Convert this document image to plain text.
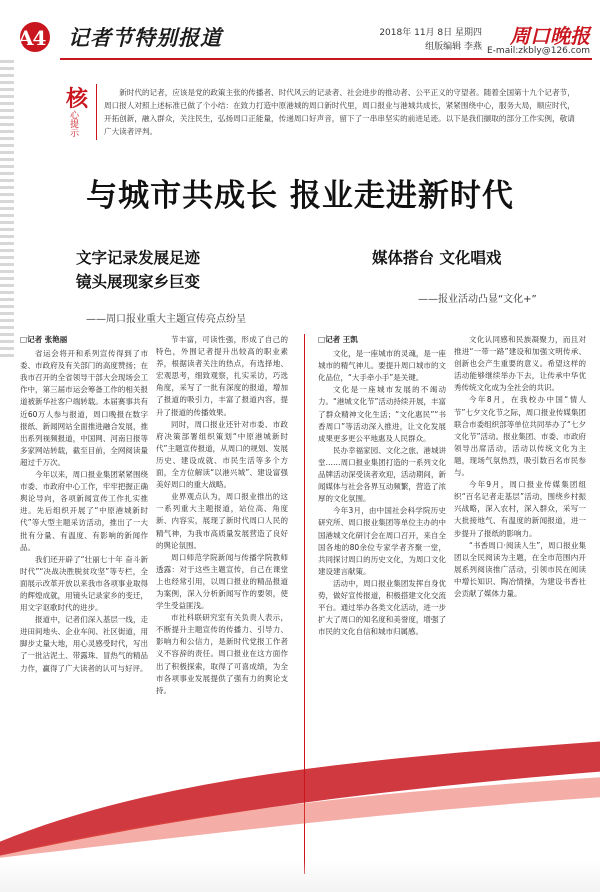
A4 记者节特别报道	2018年 11月 8日 星期四
组版编辑 李燕 周口晚报
E-mail:zkbly@126.com
核
心提示

新时代的记者，应该是党的政策主张的传播者、时代风云的记录者、社会进步的推动者、公平正义的守望者。随着全国第十九个记者节，周口报人对照上述标准已做了个小结：在致力打造中原港城的周口新时代里，周口报业与港城共成长，紧紧围绕中心，服务大局，顺应时代，开拓创新，融入群众，关注民生，弘扬周口正能量，传递周口好声音，留下了一串串坚实的前进足迹。以下是我们撷取的部分工作实例，敬请广大读者评判。

与城市共成长 报业走进新时代
文字记录发展足迹
镜头展现家乡巨变
——周口报业重大主题宣传亮点纷呈
媒体搭台 文化唱戏
——报业活动凸显“文化+”

□记者 张艳丽

省运会将开和系列宣传得到了市委、市政府及有关部门的高度赞扬；在我市召开的全省领导干部大会现场会工作中，第三届市运会筹备工作的相关报道被新华社客户端转载。本届赛事共有近60万人参与报道，周口晚报在数字报纸、新闻网站全面推进融合发展，推出系列视频报道，中国网、河南日报等多家网站转载，截至目前，全网阅读量超过千万次。

今年以来，周口报业集团紧紧围绕市委、市政府中心工作，牢牢把握正确舆论导向，各项新闻宣传工作扎实推进。先后组织开展了“中原港城新时代”等大型主题采访活动，推出了一大批有分量、有温度、有影响的新闻作品。

我们还开辟了“壮丽七十年 奋斗新时代”“决战决胜脱贫攻坚”等专栏，全面展示改革开放以来我市各项事业取得的辉煌成就，用镜头记录家乡的变迁，用文字讴歌时代的进步。

报道中，记者们深入基层一线，走进田间地头、企业车间、社区街道，用脚步丈量大地，用心灵感受时代，写出了一批沾泥土、带露珠、冒热气的精品力作，赢得了广大读者的认可与好评。

节丰富，可读性强，形成了自己的特色，外围记者提升出较高的职业素养，根据读者关注的热点，有选择地、宏观思考，细致观察，扎实采访，巧选角度，采写了一批有深度的报道，增加了报道的吸引力，丰富了报道内容，提升了报道的传播效果。

同时，周口报业还针对市委、市政府决策部署组织策划“中原港城新时代”主题宣传报道，从周口的规划、发展历史、建设成就、市民生活等多个方面，全方位解读“以港兴城”、建设富强美好周口的重大战略。

业界观点认为，周口报业推出的这一系列重大主题报道，站位高、角度新、内容实，展现了新时代周口人民的精气神，为我市高质量发展营造了良好的舆论氛围。

周口师范学院新闻与传播学院教师透露：对于这些主题宣传，自己在课堂上也经常引用，以周口报业的精品报道为案例，深入分析新闻写作的要领，使学生受益匪浅。

市社科联研究室有关负责人表示，不断提升主题宣传的传播力、引导力、影响力和公信力，是新时代党报工作者义不容辞的责任。周口报业在这方面作出了积极探索，取得了可喜成绩，为全市各项事业发展提供了强有力的舆论支持。

□记者 王凯

文化，是一座城市的灵魂，是一座城市的精气神儿。要提升周口城市的文化品位，“大手牵小手”是关键。

文化是一座城市发展的不竭动力。“港城文化节”活动持续开展，丰富了群众精神文化生活；“文化惠民”“书香周口”等活动深入推进，让文化发展成果更多更公平地惠及人民群众。

民办幸福家园、文化之旅、港城讲堂……周口报业集团打造的一系列文化品牌活动深受读者欢迎，活动期间，新闻媒体与社会各界互动频繁，营造了浓厚的文化氛围。

今年3月，由中国社会科学院历史研究所、周口报业集团等单位主办的中国港城文化研讨会在周口召开，来自全国各地的80余位专家学者齐聚一堂，共同探讨周口的历史文化，为周口文化建设建言献策。

活动中，周口报业集团发挥自身优势，做好宣传报道，积极搭建文化交流平台。通过举办各类文化活动，进一步扩大了周口的知名度和美誉度，增强了市民的文化自信和城市归属感。

文化认同感和民族凝聚力，而且对推进“一带一路”建设和加强文明传承、创新也会产生重要的意义。希望这样的活动能够继续举办下去，让传承中华优秀传统文化成为全社会的共识。

今年8月，在我校办中国“情人节”七夕文化节之际，周口报业传媒集团联合市委组织部等单位共同举办了“七夕文化节”活动。报业集团、市委、市政府领导出席活动，活动以传统文化为主题，现场气氛热烈，吸引数百名市民参与。

今年9月，周口报业传媒集团组织“百名记者走基层”活动，围绕乡村振兴战略，深入农村，深入群众，采写一大批接地气、有温度的新闻报道，进一步提升了报纸的影响力。

“书香周口·阅读人生”，周口报业集团以全民阅读为主题，在全市范围内开展系列阅读推广活动，引领市民在阅读中增长知识、陶冶情操，为建设书香社会贡献了媒体力量。
